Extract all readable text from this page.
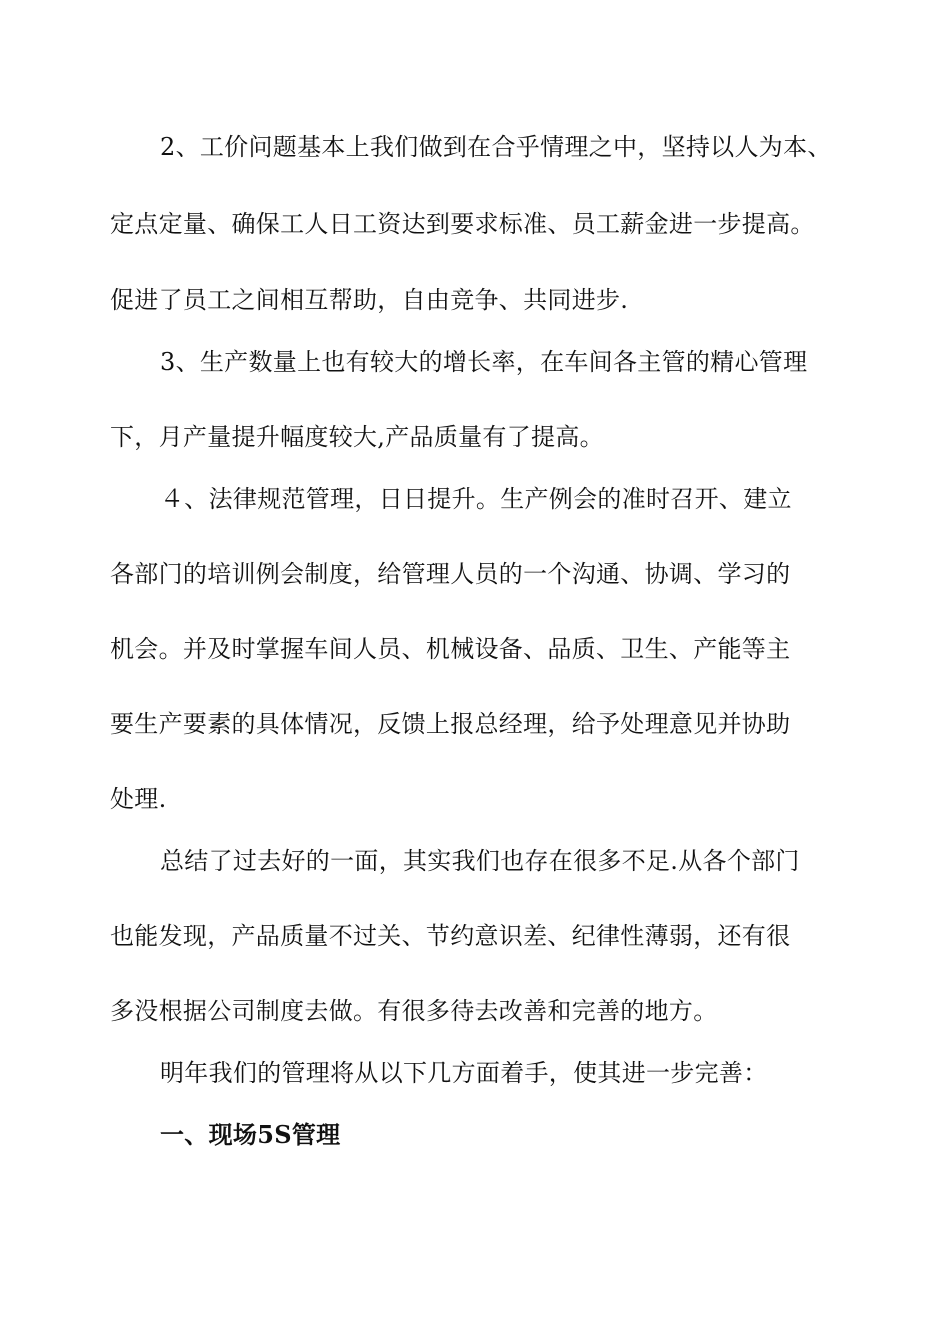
2、工价问题基本上我们做到在合乎情理之中，坚持以人为本、
定点定量、确保工人日工资达到要求标准、员工薪金进一步提高。
促进了员工之间相互帮助，自由竞争、共同进步.
3、生产数量上也有较大的增长率，在车间各主管的精心管理
下，月产量提升幅度较大,产品质量有了提高。
４、法律规范管理，日日提升。生产例会的准时召开、建立
各部门的培训例会制度，给管理人员的一个沟通、协调、学习的
机会。并及时掌握车间人员、机械设备、品质、卫生、产能等主
要生产要素的具体情况，反馈上报总经理，给予处理意见并协助
处理.
总结了过去好的一面，其实我们也存在很多不足.从各个部门
也能发现，产品质量不过关、节约意识差、纪律性薄弱，还有很
多没根据公司制度去做。有很多待去改善和完善的地方。
明年我们的管理将从以下几方面着手，使其进一步完善：
一、现场5S管理
